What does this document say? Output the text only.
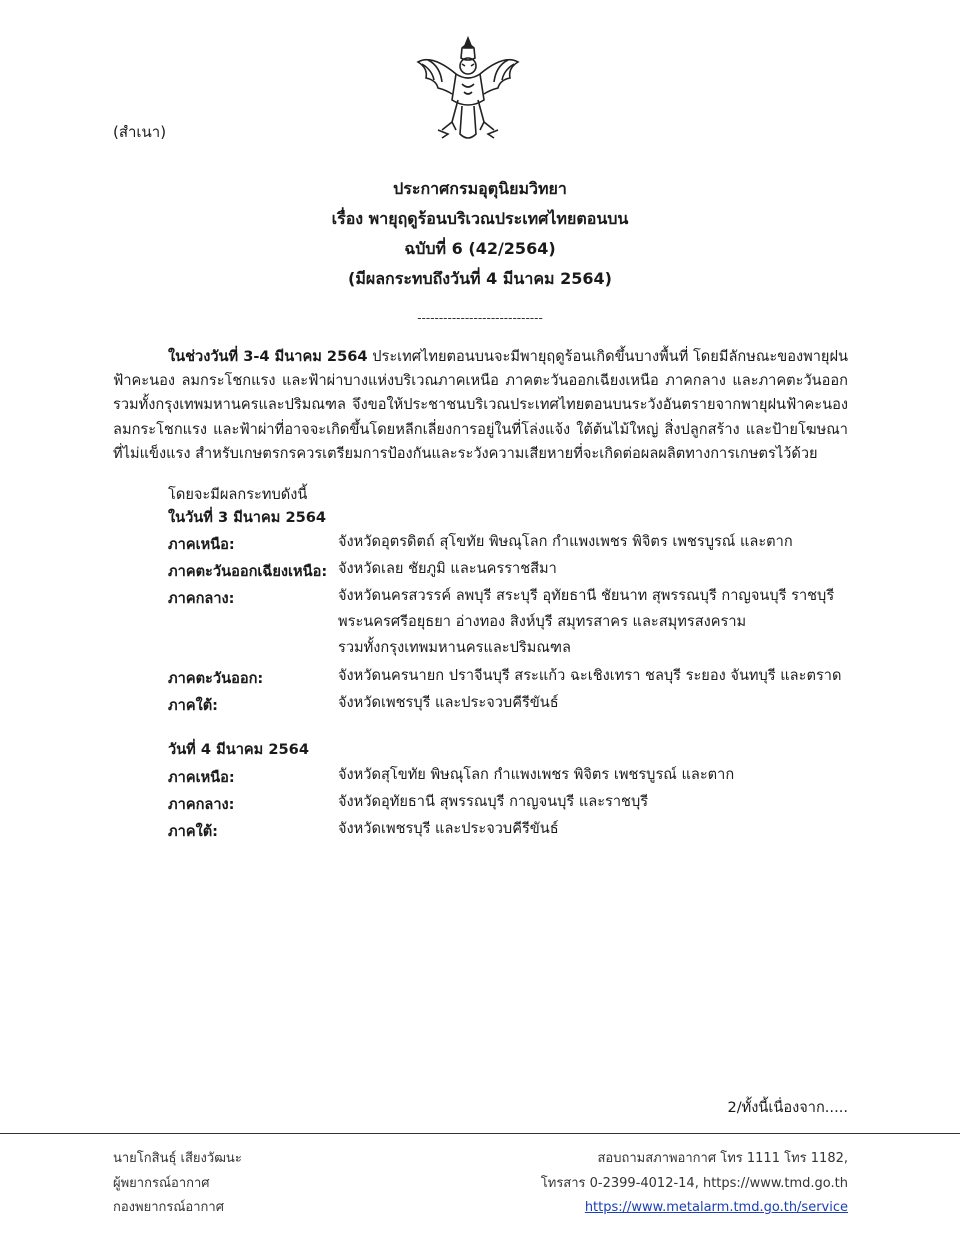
(สำเนา)
ประกาศกรมอุตุนิยมวิทยา
เรื่อง พายุฤดูร้อนบริเวณประเทศไทยตอนบน
ฉบับที่ 6 (42/2564)
(มีผลกระทบถึงวันที่ 4 มีนาคม 2564)
-----------------------------
ในช่วงวันที่ 3-4 มีนาคม 2564 ประเทศไทยตอนบนจะมีพายุฤดูร้อนเกิดขึ้นบางพื้นที่ โดยมีลักษณะของพายุฝนฟ้าคะนอง ลมกระโชกแรง และฟ้าผ่าบางแห่งบริเวณภาคเหนือ ภาคตะวันออกเฉียงเหนือ ภาคกลาง และภาคตะวันออก รวมทั้งกรุงเทพมหานครและปริมณฑล จึงขอให้ประชาชนบริเวณประเทศไทยตอนบนระวังอันตรายจากพายุฝนฟ้าคะนอง ลมกระโชกแรง และฟ้าผ่าที่อาจจะเกิดขึ้นโดยหลีกเลี่ยงการอยู่ในที่โล่งแจ้ง ใต้ต้นไม้ใหญ่ สิ่งปลูกสร้าง และป้ายโฆษณาที่ไม่แข็งแรง สำหรับเกษตรกรควรเตรียมการป้องกันและระวังความเสียหายที่จะเกิดต่อผลผลิตทางการเกษตรไว้ด้วย
โดยจะมีผลกระทบดังนี้
ในวันที่ 3 มีนาคม 2564
ภาคเหนือ:	จังหวัดอุตรดิตถ์ สุโขทัย พิษณุโลก กำแพงเพชร พิจิตร เพชรบูรณ์ และตาก
ภาคตะวันออกเฉียงเหนือ: จังหวัดเลย ชัยภูมิ และนครราชสีมา
ภาคกลาง:	จังหวัดนครสวรรค์ ลพบุรี สระบุรี อุทัยธานี ชัยนาท สุพรรณบุรี กาญจนบุรี ราชบุรี
พระนครศรีอยุธยา อ่างทอง สิงห์บุรี สมุทรสาคร และสมุทรสงคราม
รวมทั้งกรุงเทพมหานครและปริมณฑล
ภาคตะวันออก:	จังหวัดนครนายก ปราจีนบุรี สระแก้ว ฉะเชิงเทรา ชลบุรี ระยอง จันทบุรี และตราด
ภาคใต้:	จังหวัดเพชรบุรี และประจวบคีรีขันธ์
วันที่ 4 มีนาคม 2564
ภาคเหนือ:	จังหวัดสุโขทัย พิษณุโลก กำแพงเพชร พิจิตร เพชรบูรณ์ และตาก
ภาคกลาง:	จังหวัดอุทัยธานี สุพรรณบุรี กาญจนบุรี และราชบุรี
ภาคใต้:	จังหวัดเพชรบุรี และประจวบคีรีขันธ์
2/ทั้งนี้เนื่องจาก.....
นายโกสินธุ์ เสียงวัฒนะ
ผู้พยากรณ์อากาศ
กองพยากรณ์อากาศ
สอบถามสภาพอากาศ โทร 1111 โทร 1182,
โทรสาร 0-2399-4012-14, https://www.tmd.go.th
https://www.metalarm.tmd.go.th/service
